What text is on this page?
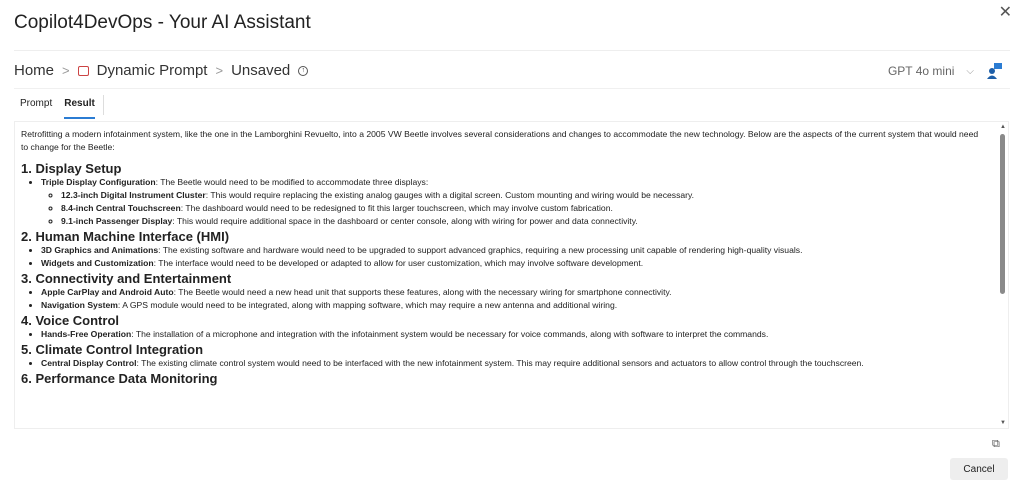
Copilot4DevOps - Your AI Assistant	✕
Home > Dynamic Prompt > Unsaved	↑	GPT 4o mini ⌵
Prompt Result

Retrofitting a modern infotainment system, like the one in the Lamborghini Revuelto, into a 2005 VW Beetle involves several considerations and changes to accommodate the new technology. Below are the aspects of the current system that would need to change for the Beetle:

1. Display Setup
• Triple Display Configuration: The Beetle would need to be modified to accommodate three displays:
◦ 12.3-inch Digital Instrument Cluster: This would require replacing the existing analog gauges with a digital screen. Custom mounting and wiring would be necessary.
◦ 8.4-inch Central Touchscreen: The dashboard would need to be redesigned to fit this larger touchscreen, which may involve custom fabrication.
◦ 9.1-inch Passenger Display: This would require additional space in the dashboard or center console, along with wiring for power and data connectivity.
2. Human Machine Interface (HMI)
• 3D Graphics and Animations: The existing software and hardware would need to be upgraded to support advanced graphics, requiring a new processing unit capable of rendering high-quality visuals.
• Widgets and Customization: The interface would need to be developed or adapted to allow for user customization, which may involve software development.
3. Connectivity and Entertainment
• Apple CarPlay and Android Auto: The Beetle would need a new head unit that supports these features, along with the necessary wiring for smartphone connectivity.
• Navigation System: A GPS module would need to be integrated, along with mapping software, which may require a new antenna and additional wiring.
4. Voice Control
• Hands-Free Operation: The installation of a microphone and integration with the infotainment system would be necessary for voice commands, along with software to interpret the commands.
5. Climate Control Integration
• Central Display Control: The existing climate control system would need to be interfaced with the new infotainment system. This may require additional sensors and actuators to allow control through the touchscreen.
6. Performance Data Monitoring
▲
▼
⧉
Cancel
